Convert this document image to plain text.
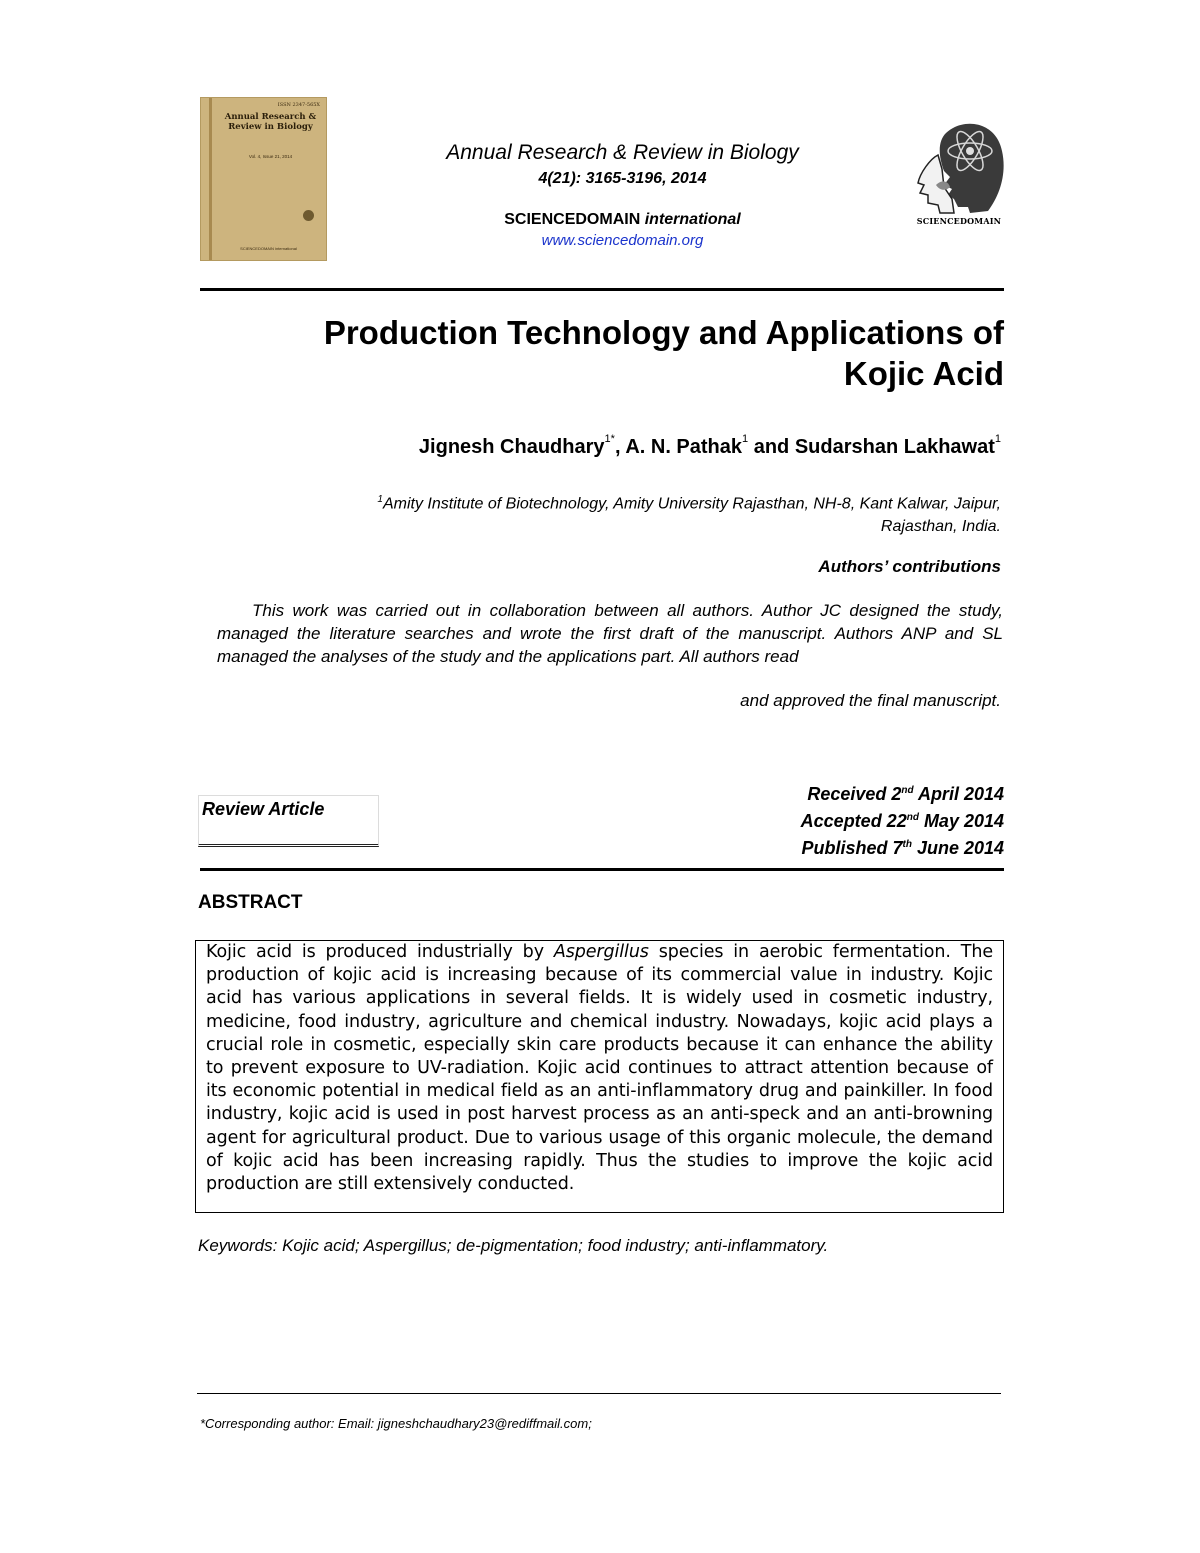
ISSN 2347-565X
Annual Research & Review in Biology
Vol. 4, Issue 21, 2014
SCIENCEDOMAIN international
Annual Research & Review in Biology
4(21): 3165-3196, 2014
SCIENCEDOMAIN international
www.sciencedomain.org
SCIENCEDOMAIN
Production Technology and Applications of
Kojic Acid
Jignesh Chaudhary$^{1*}$, A. N. Pathak$^1$ and Sudarshan Lakhawat$^1$
$^1$Amity Institute of Biotechnology, Amity University Rajasthan, NH-8, Kant Kalwar, Jaipur,
Rajasthan, India.
Authors’ contributions
This work was carried out in collaboration between all authors. Author JC designed the study, managed the literature searches and wrote the first draft of the manuscript. Authors ANP and SL managed the analyses of the study and the applications part. All authors read
and approved the final manuscript.
Review Article
Received 2nd April 2014
Accepted 22nd May 2014
Published 7th June 2014
ABSTRACT

Kojic acid is produced industrially by Aspergillus species in aerobic fermentation. The production of kojic acid is increasing because of its commercial value in industry. Kojic acid has various applications in several fields. It is widely used in cosmetic industry, medicine, food industry, agriculture and chemical industry. Nowadays, kojic acid plays a crucial role in cosmetic, especially skin care products because it can enhance the ability to prevent exposure to UV-radiation. Kojic acid continues to attract attention because of its economic potential in medical field as an anti-inflammatory drug and painkiller. In food industry, kojic acid is used in post harvest process as an anti-speck and an anti-browning agent for agricultural product. Due to various usage of this organic molecule, the demand of kojic acid has been increasing rapidly. Thus the studies to improve the kojic acid production are still extensively conducted.

Keywords: Kojic acid; Aspergillus; de-pigmentation; food industry; anti-inflammatory.
*Corresponding author: Email: jigneshchaudhary23@rediffmail.com;
